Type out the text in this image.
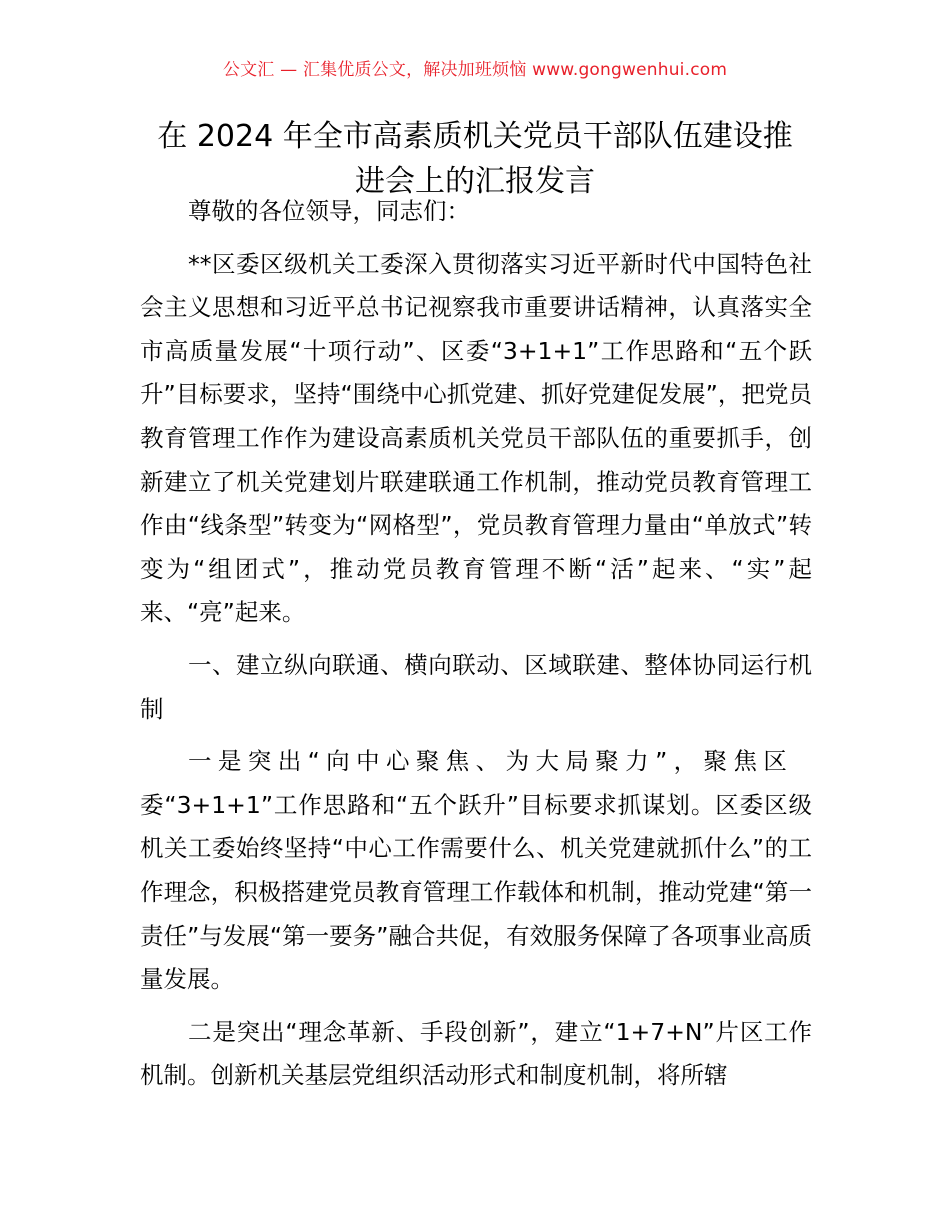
公文汇 — 汇集优质公文，解决加班烦恼 www.gongwenhui.com
在 2024 年全市高素质机关党员干部队伍建设推
进会上的汇报发言

尊敬的各位领导，同志们：

**区委区级机关工委深入贯彻落实习近平新时代中国特色社会主义思想和习近平总书记视察我市重要讲话精神，认真落实全市高质量发展“十项行动”、区委“3+1+1”工作思路和“五个跃升”目标要求，坚持“围绕中心抓党建、抓好党建促发展”，把党员教育管理工作作为建设高素质机关党员干部队伍的重要抓手，创新建立了机关党建划片联建联通工作机制，推动党员教育管理工作由“线条型”转变为“网格型”，党员教育管理力量由“单放式”转变为“组团式”，推动党员教育管理不断“活”起来、“实”起来、“亮”起来。

一、建立纵向联通、横向联动、区域联建、整体协同运行机制

一是突出“向中心聚焦、为大局聚力”，聚焦区

委“3+1+1”工作思路和“五个跃升”目标要求抓谋划。区委区级机关工委始终坚持“中心工作需要什么、机关党建就抓什么”的工作理念，积极搭建党员教育管理工作载体和机制，推动党建“第一责任”与发展“第一要务”融合共促，有效服务保障了各项事业高质量发展。

二是突出“理念革新、手段创新”，建立“1+7+N”片区工作机制。创新机关基层党组织活动形式和制度机制，将所辖
